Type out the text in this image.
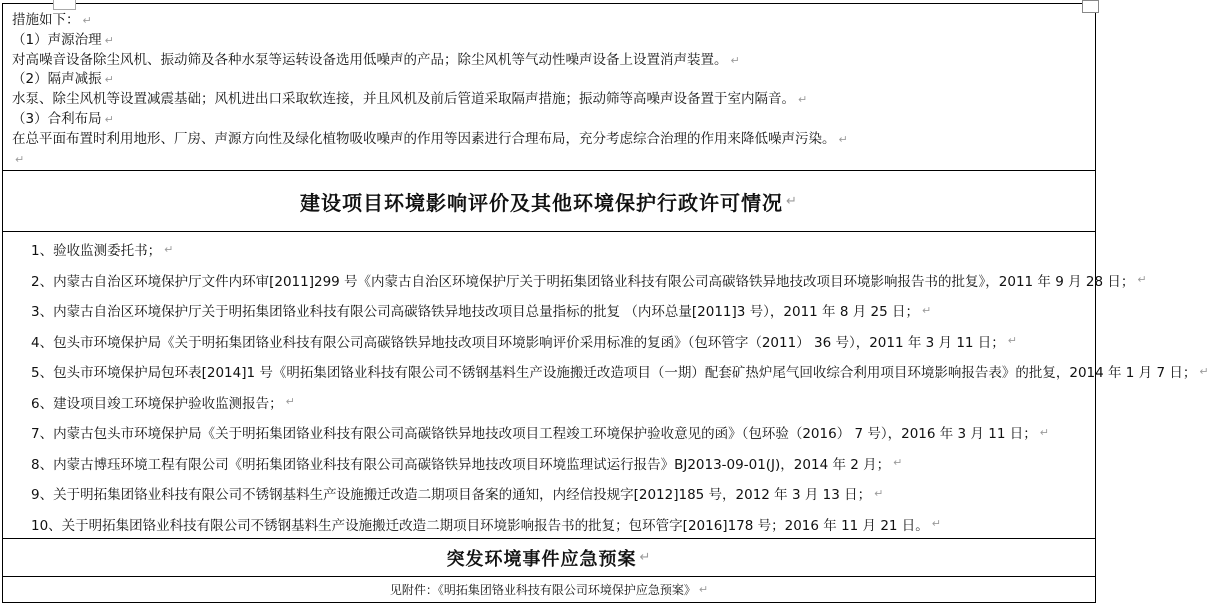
措施如下： ↵
（1）声源治理 ↵
对高噪音设备除尘风机、振动筛及各种水泵等运转设备选用低噪声的产品；除尘风机等气动性噪声设备上设置消声装置。 ↵
（2）隔声减振 ↵
水泵、除尘风机等设置减震基础；风机进出口采取软连接，并且风机及前后管道采取隔声措施；振动筛等高噪声设备置于室内隔音。 ↵
（3）合利布局 ↵
在总平面布置时利用地形、厂房、声源方向性及绿化植物吸收噪声的作用等因素进行合理布局，充分考虑综合治理的作用来降低噪声污染。 ↵
↵
建设项目环境影响评价及其他环境保护行政许可情况 ↵
1、验收监测委托书； ↵
2、内蒙古自治区环境保护厅文件内环审[2011]299 号《内蒙古自治区环境保护厅关于明拓集团铬业科技有限公司高碳铬铁异地技改项目环境影响报告书的批复》，2011 年 9 月 28 日； ↵
3、内蒙古自治区环境保护厅关于明拓集团铬业科技有限公司高碳铬铁异地技改项目总量指标的批复 （内环总量[2011]3 号），2011 年 8 月 25 日； ↵
4、包头市环境保护局《关于明拓集团铬业科技有限公司高碳铬铁异地技改项目环境影响评价采用标准的复函》（包环管字（2011） 36 号），2011 年 3 月 11 日； ↵
5、包头市环境保护局包环表[2014]1 号《明拓集团铬业科技有限公司不锈钢基料生产设施搬迁改造项目（一期）配套矿热炉尾气回收综合利用项目环境影响报告表》的批复，2014 年 1 月 7 日； ↵
6、建设项目竣工环境保护验收监测报告； ↵
7、内蒙古包头市环境保护局《关于明拓集团铬业科技有限公司高碳铬铁异地技改项目工程竣工环境保护验收意见的函》（包环验（2016） 7 号），2016 年 3 月 11 日； ↵
8、内蒙古博珏环境工程有限公司《明拓集团铬业科技有限公司高碳铬铁异地技改项目环境监理试运行报告》BJ2013-09-01(J)，2014 年 2 月； ↵
9、关于明拓集团铬业科技有限公司不锈钢基料生产设施搬迁改造二期项目备案的通知，内经信投规字[2012]185 号，2012 年 3 月 13 日； ↵
10、关于明拓集团铬业科技有限公司不锈钢基料生产设施搬迁改造二期项目环境影响报告书的批复；包环管字[2016]178 号；2016 年 11 月 21 日。 ↵
突发环境事件应急预案 ↵
见附件：《明拓集团铬业科技有限公司环境保护应急预案》 ↵
